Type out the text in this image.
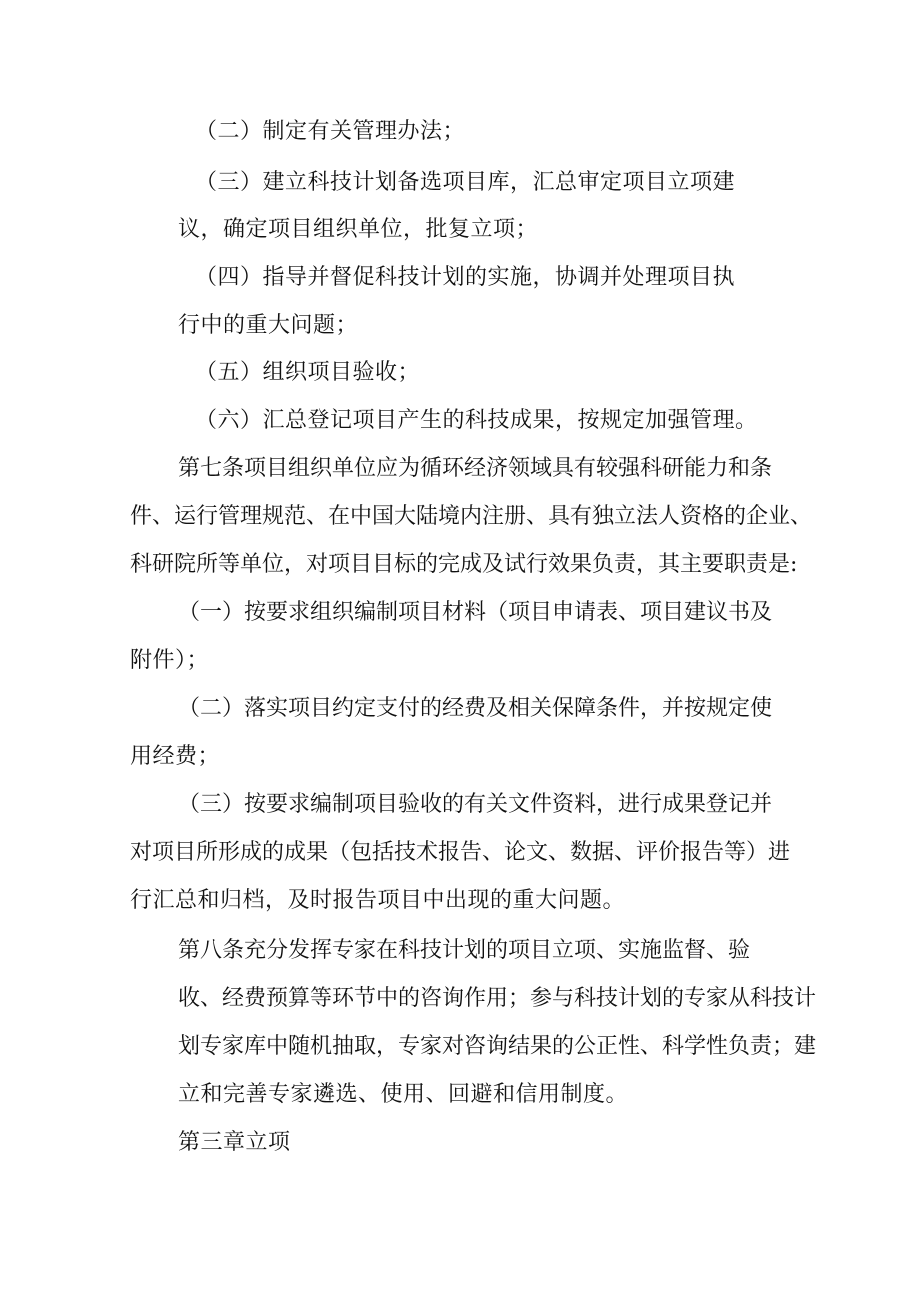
（二）制定有关管理办法；
（三）建立科技计划备选项目库，汇总审定项目立项建
议，确定项目组织单位，批复立项；
（四）指导并督促科技计划的实施，协调并处理项目执
行中的重大问题；
（五）组织项目验收；
（六）汇总登记项目产生的科技成果，按规定加强管理。
第七条项目组织单位应为循环经济领域具有较强科研能力和条
件、运行管理规范、在中国大陆境内注册、具有独立法人资格的企业、
科研院所等单位，对项目目标的完成及试行效果负责，其主要职责是:
（一）按要求组织编制项目材料（项目申请表、项目建议书及
附件）；
（二）落实项目约定支付的经费及相关保障条件，并按规定使
用经费；
（三）按要求编制项目验收的有关文件资料，进行成果登记并
对项目所形成的成果（包括技术报告、论文、数据、评价报告等）进
行汇总和归档，及时报告项目中出现的重大问题。
第八条充分发挥专家在科技计划的项目立项、实施监督、验
收、经费预算等环节中的咨询作用；参与科技计划的专家从科技计
划专家库中随机抽取，专家对咨询结果的公正性、科学性负责；建
立和完善专家遴选、使用、回避和信用制度。
第三章立项
